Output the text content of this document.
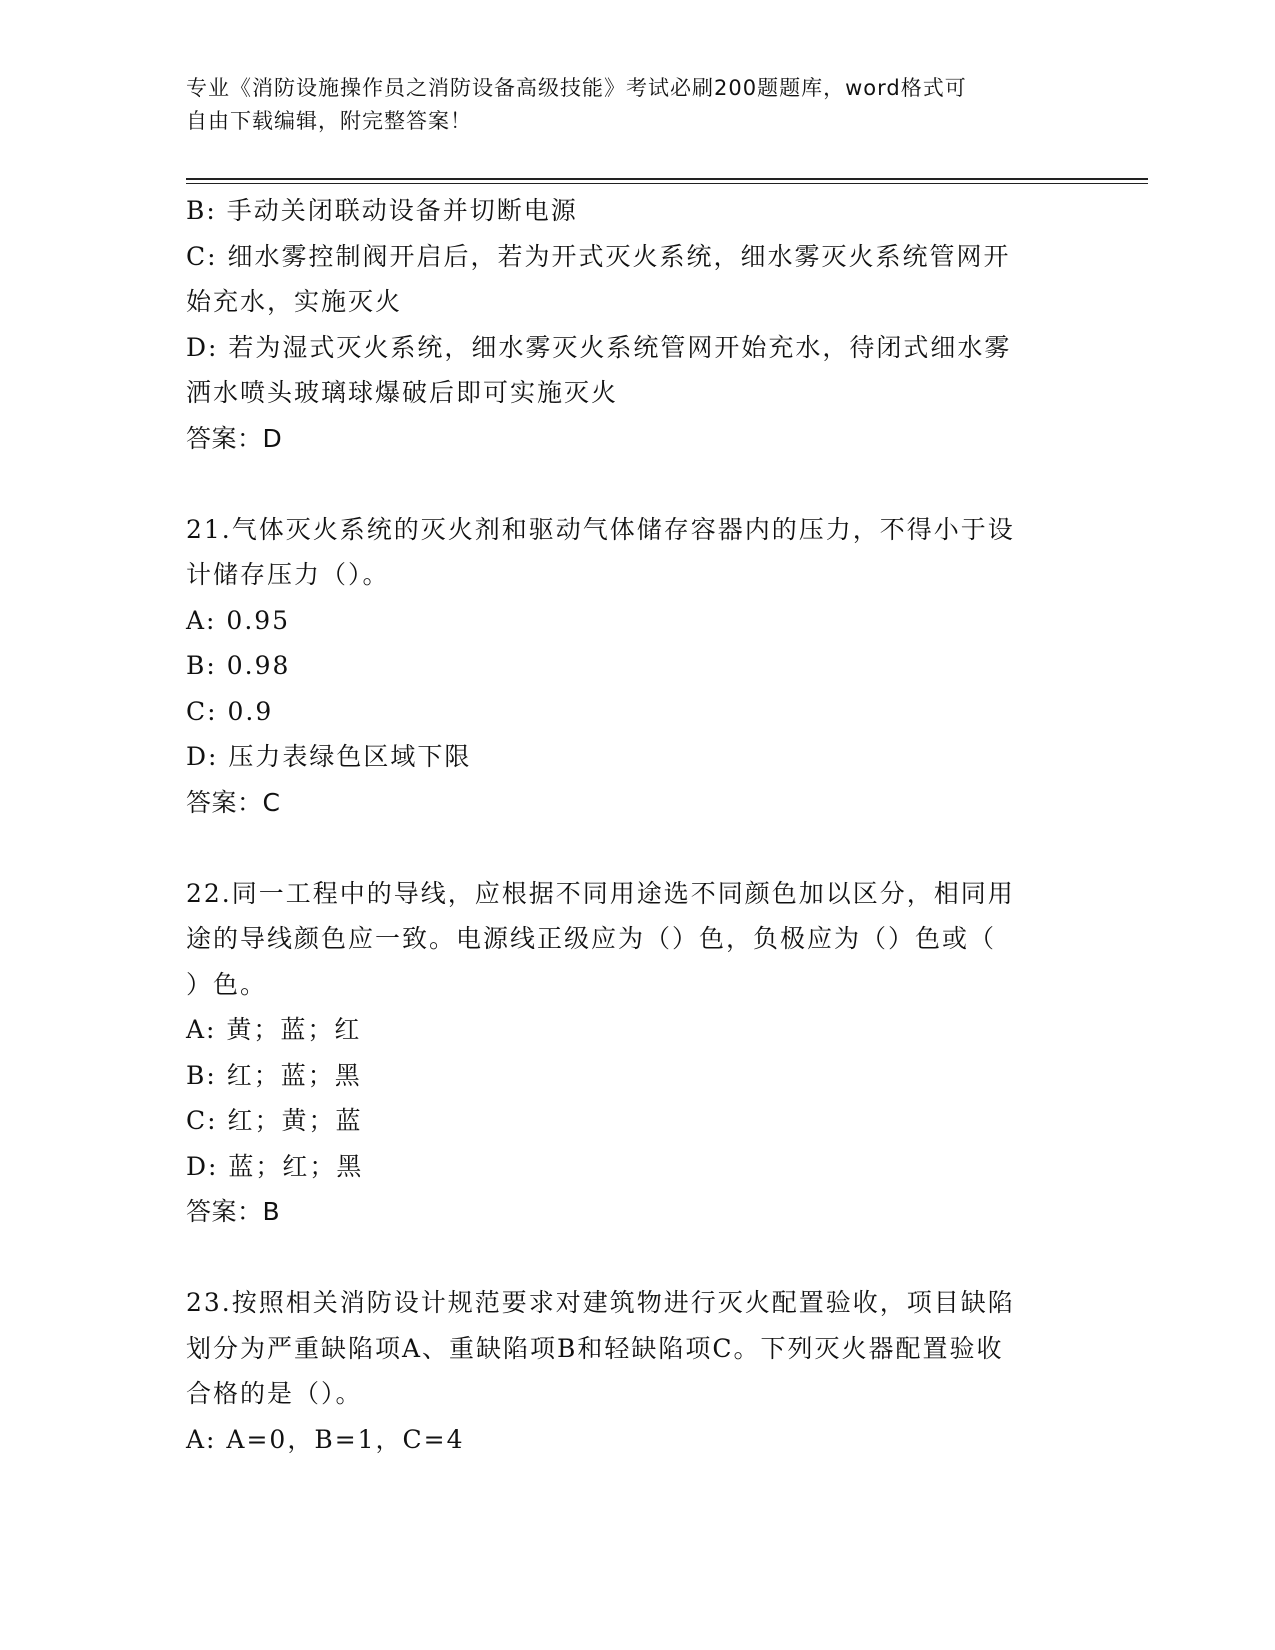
专业《消防设施操作员之消防设备高级技能》考试必刷200题题库，word格式可
自由下载编辑，附完整答案！
B: 手动关闭联动设备并切断电源
C: 细水雾控制阀开启后，若为开式灭火系统，细水雾灭火系统管网开
始充水，实施灭火
D: 若为湿式灭火系统，细水雾灭火系统管网开始充水，待闭式细水雾
洒水喷头玻璃球爆破后即可实施灭火
答案：D
21.气体灭火系统的灭火剂和驱动气体储存容器内的压力，不得小于设
计储存压力（）。
A: 0.95
B: 0.98
C: 0.9
D: 压力表绿色区域下限
答案：C
22.同一工程中的导线，应根据不同用途选不同颜色加以区分，相同用
途的导线颜色应一致。电源线正级应为（）色，负极应为（）色或（
）色。
A: 黄；蓝；红
B: 红；蓝；黑
C: 红；黄；蓝
D: 蓝；红；黑
答案：B
23.按照相关消防设计规范要求对建筑物进行灭火配置验收，项目缺陷
划分为严重缺陷项A、重缺陷项B和轻缺陷项C。下列灭火器配置验收
合格的是（）。
A: A=0，B=1，C=4
